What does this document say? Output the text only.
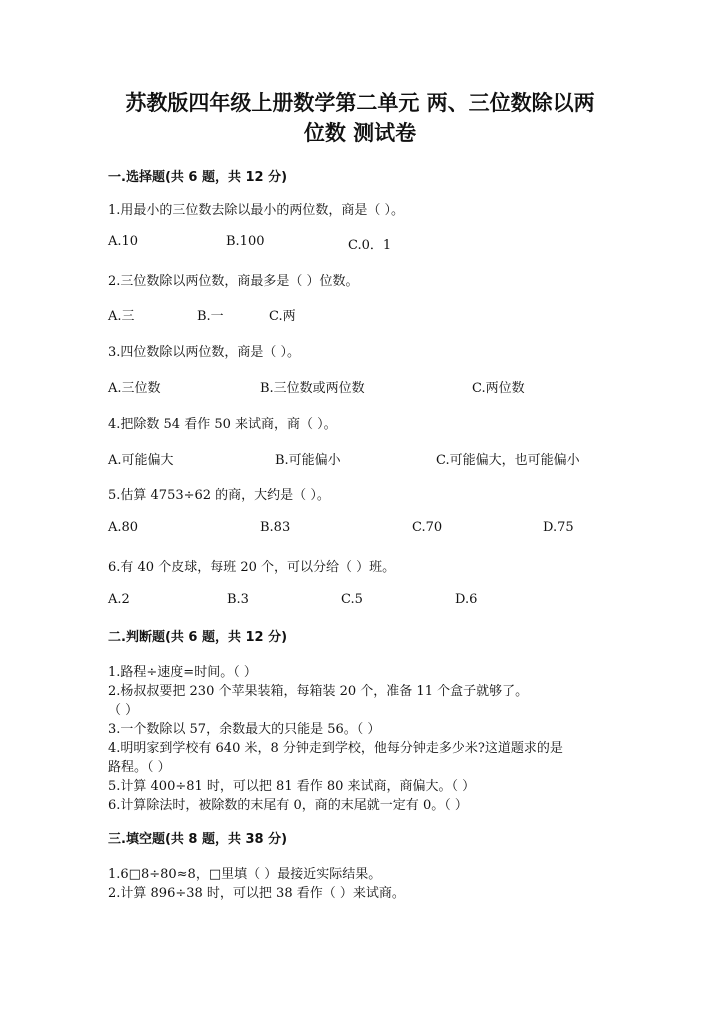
苏教版四年级上册数学第二单元 两、三位数除以两
位数 测试卷
一.选择题(共 6 题，共 12 分)
1.用最小的三位数去除以最小的两位数，商是（ ）。
A.10	B.100	C.0．1
2.三位数除以两位数，商最多是（ ）位数。
A.三	B.一	C.两
3.四位数除以两位数，商是（ ）。
A.三位数	B.三位数或两位数	C.两位数
4.把除数 54 看作 50 来试商，商（ ）。
A.可能偏大	B.可能偏小	C.可能偏大，也可能偏小
5.估算 4753÷62 的商，大约是（ ）。
A.80	B.83	C.70	D.75
6.有 40 个皮球，每班 20 个，可以分给（ ）班。
A.2	B.3	C.5	D.6
二.判断题(共 6 题，共 12 分)
1.路程÷速度=时间。（ ）
2.杨叔叔要把 230 个苹果装箱，每箱装 20 个，准备 11 个盒子就够了。
（ ）
3.一个数除以 57，余数最大的只能是 56。（ ）
4.明明家到学校有 640 米，8 分钟走到学校，他每分钟走多少米?这道题求的是
路程。（ ）
5.计算 400÷81 时，可以把 81 看作 80 来试商，商偏大。（ ）
6.计算除法时，被除数的末尾有 0，商的末尾就一定有 0。（ ）
三.填空题(共 8 题，共 38 分)
1.6□8÷80≈8，□里填（ ）最接近实际结果。
2.计算 896÷38 时，可以把 38 看作（ ）来试商。
